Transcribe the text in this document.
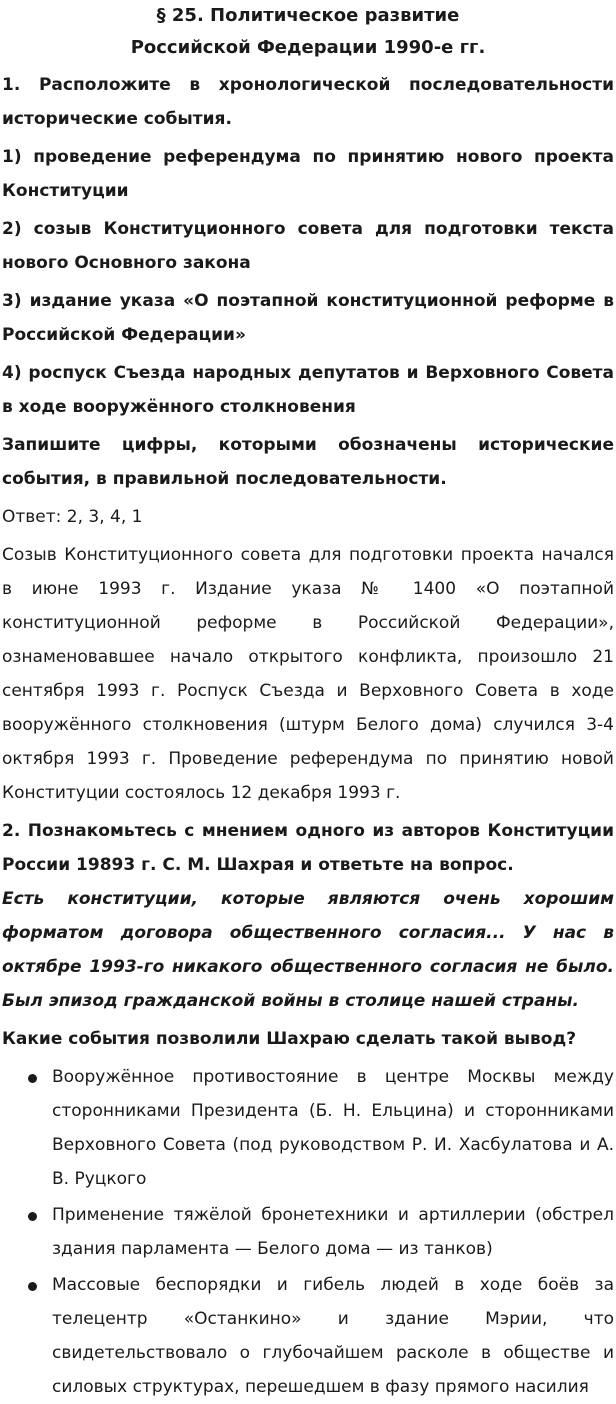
§ 25. Политическое развитие
Российской Федерации 1990-е гг.

1. Расположите в хронологической последовательности исторические события.

1) проведение референдума по принятию нового проекта Конституции

2) созыв Конституционного совета для подготовки текста нового Основного закона

3) издание указа «О поэтапной конституционной реформе в Российской Федерации»

4) роспуск Съезда народных депутатов и Верховного Совета в ходе вооружённого столкновения

Запишите цифры, которыми обозначены исторические события, в правильной последовательности.

Ответ: 2, 3, 4, 1

Созыв Конституционного совета для подготовки проекта начался в июне 1993 г. Издание указа № 1400 «О поэтапной конституционной реформе в Российской Федерации», ознаменовавшее начало открытого конфликта, произошло 21 сентября 1993 г. Роспуск Съезда и Верховного Совета в ходе вооружённого столкновения (штурм Белого дома) случился 3-4 октября 1993 г. Проведение референдума по принятию новой Конституции состоялось 12 декабря 1993 г.

2. Познакомьтесь с мнением одного из авторов Конституции России 19893 г. С. М. Шахрая и ответьте на вопрос.

Есть конституции, которые являются очень хорошим форматом договора общественного согласия... У нас в октябре 1993-го никакого общественного согласия не было. Был эпизод гражданской войны в столице нашей страны.

Какие события позволили Шахраю сделать такой вывод?

Вооружённое противостояние в центре Москвы между сторонниками Президента (Б. Н. Ельцина) и сторонниками Верховного Совета (под руководством Р. И. Хасбулатова и А. В. Руцкого
Применение тяжёлой бронетехники и артиллерии (обстрел здания парламента — Белого дома — из танков)
Массовые беспорядки и гибель людей в ходе боёв за телецентр «Останкино» и здание Мэрии, что свидетельствовало о глубочайшем расколе в обществе и силовых структурах, перешедшем в фазу прямого насилия
